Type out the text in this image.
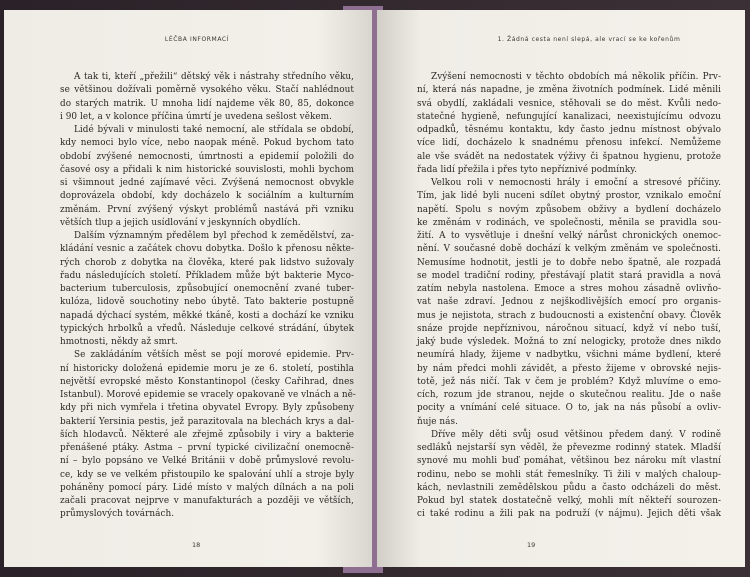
LÉČBA INFORMACÍ
A tak ti, kteří „přežili“ dětský věk i nástrahy středního věku,
se většinou dožívali poměrně vysokého věku. Stačí nahlédnout
do starých matrik. U mnoha lidí najdeme věk 80, 85, dokonce
i 90 let, a v kolonce příčina úmrtí je uvedena sešlost věkem.
Lidé bývali v minulosti také nemocní, ale střídala se období,
kdy nemoci bylo více, nebo naopak méně. Pokud bychom tato
období zvýšené nemocnosti, úmrtnosti a epidemií položili do
časové osy a přidali k nim historické souvislosti, mohli bychom
si všimnout jedné zajímavé věci. Zvýšená nemocnost obvykle
doprovázela období, kdy docházelo k sociálním a kulturním
změnám. První zvýšený výskyt problémů nastává při vzniku
větších tlup a jejich usídlování v jeskynních obydlích.
Dalším významným předělem byl přechod k zemědělství, za-
kládání vesnic a začátek chovu dobytka. Došlo k přenosu někte-
rých chorob z dobytka na člověka, které pak lidstvo sužovaly
řadu následujících století. Příkladem může být bakterie Myco-
bacterium tuberculosis, způsobující onemocnění zvané tuber-
kulóza, lidově souchotiny nebo úbytě. Tato bakterie postupně
napadá dýchací systém, měkké tkáně, kosti a dochází ke vzniku
typických hrbolků a vředů. Následuje celkové strádání, úbytek
hmotnosti, někdy až smrt.
Se zakládáním větších měst se pojí morové epidemie. Prv-
ní historicky doložená epidemie moru je ze 6. století, postihla
největší evropské město Konstantinopol (česky Cařihrad, dnes
Istanbul). Morové epidemie se vracely opakovaně ve vlnách a ně-
kdy při nich vymřela i třetina obyvatel Evropy. Byly způsobeny
bakterií Yersinia pestis, jež parazitovala na blechách krys a dal-
ších hlodavců. Některé ale zřejmě způsobily i viry a bakterie
přenášené ptáky. Astma – první typické civilizační onemocně-
ní – bylo popsáno ve Velké Británii v době průmyslové revolu-
ce, kdy se ve velkém přistoupilo ke spalování uhlí a stroje byly
poháněny pomocí páry. Lidé místo v malých dílnách a na poli
začali pracovat nejprve v manufakturách a později ve větších,
průmyslových továrnách.
18
1. Žádná cesta není slepá, ale vrací se ke kořenům
Zvýšení nemocnosti v těchto obdobích má několik příčin. Prv-
ní, která nás napadne, je změna životních podmínek. Lidé měnili
svá obydlí, zakládali vesnice, stěhovali se do měst. Kvůli nedo-
statečné hygieně, nefungující kanalizaci, neexistujícímu odvozu
odpadků, těsnému kontaktu, kdy často jednu místnost obývalo
více lidí, docházelo k snadnému přenosu infekcí. Nemůžeme
ale vše svádět na nedostatek výživy či špatnou hygienu, protože
řada lidí přežila i přes tyto nepříznivé podmínky.
Velkou roli v nemocnosti hrály i emoční a stresové příčiny.
Tím, jak lidé byli nuceni sdílet obytný prostor, vznikalo emoční
napětí. Spolu s novým způsobem obživy a bydlení docházelo
ke změnám v rodinách, ve společnosti, měnila se pravidla sou-
žití. A to vysvětluje i dnešní velký nárůst chronických onemoc-
nění. V současné době dochází k velkým změnám ve společnosti.
Nemusíme hodnotit, jestli je to dobře nebo špatně, ale rozpadá
se model tradiční rodiny, přestávají platit stará pravidla a nová
zatím nebyla nastolena. Emoce a stres mohou zásadně ovlivňo-
vat naše zdraví. Jednou z nejškodlivějších emocí pro organis-
mus je nejistota, strach z budoucnosti a existenční obavy. Člověk
snáze projde nepříznivou, náročnou situací, když ví nebo tuší,
jaký bude výsledek. Možná to zní nelogicky, protože dnes nikdo
neumírá hlady, žijeme v nadbytku, všichni máme bydlení, které
by nám předci mohli závidět, a přesto žijeme v obrovské nejis-
totě, jež nás ničí. Tak v čem je problém? Když mluvíme o emo-
cích, rozum jde stranou, nejde o skutečnou realitu. Jde o naše
pocity a vnímání celé situace. O to, jak na nás působí a ovliv-
ňuje nás.
Dříve měly děti svůj osud většinou předem daný. V rodině
sedláků nejstarší syn věděl, že převezme rodinný statek. Mladší
synové mu mohli buď pomáhat, většinou bez nároku mít vlastní
rodinu, nebo se mohli stát řemeslníky. Ti žili v malých chaloup-
kách, nevlastnili zemědělskou půdu a často odcházeli do měst.
Pokud byl statek dostatečně velký, mohli mít někteří sourozen-
ci také rodinu a žili pak na podruží (v nájmu). Jejich děti však
19
